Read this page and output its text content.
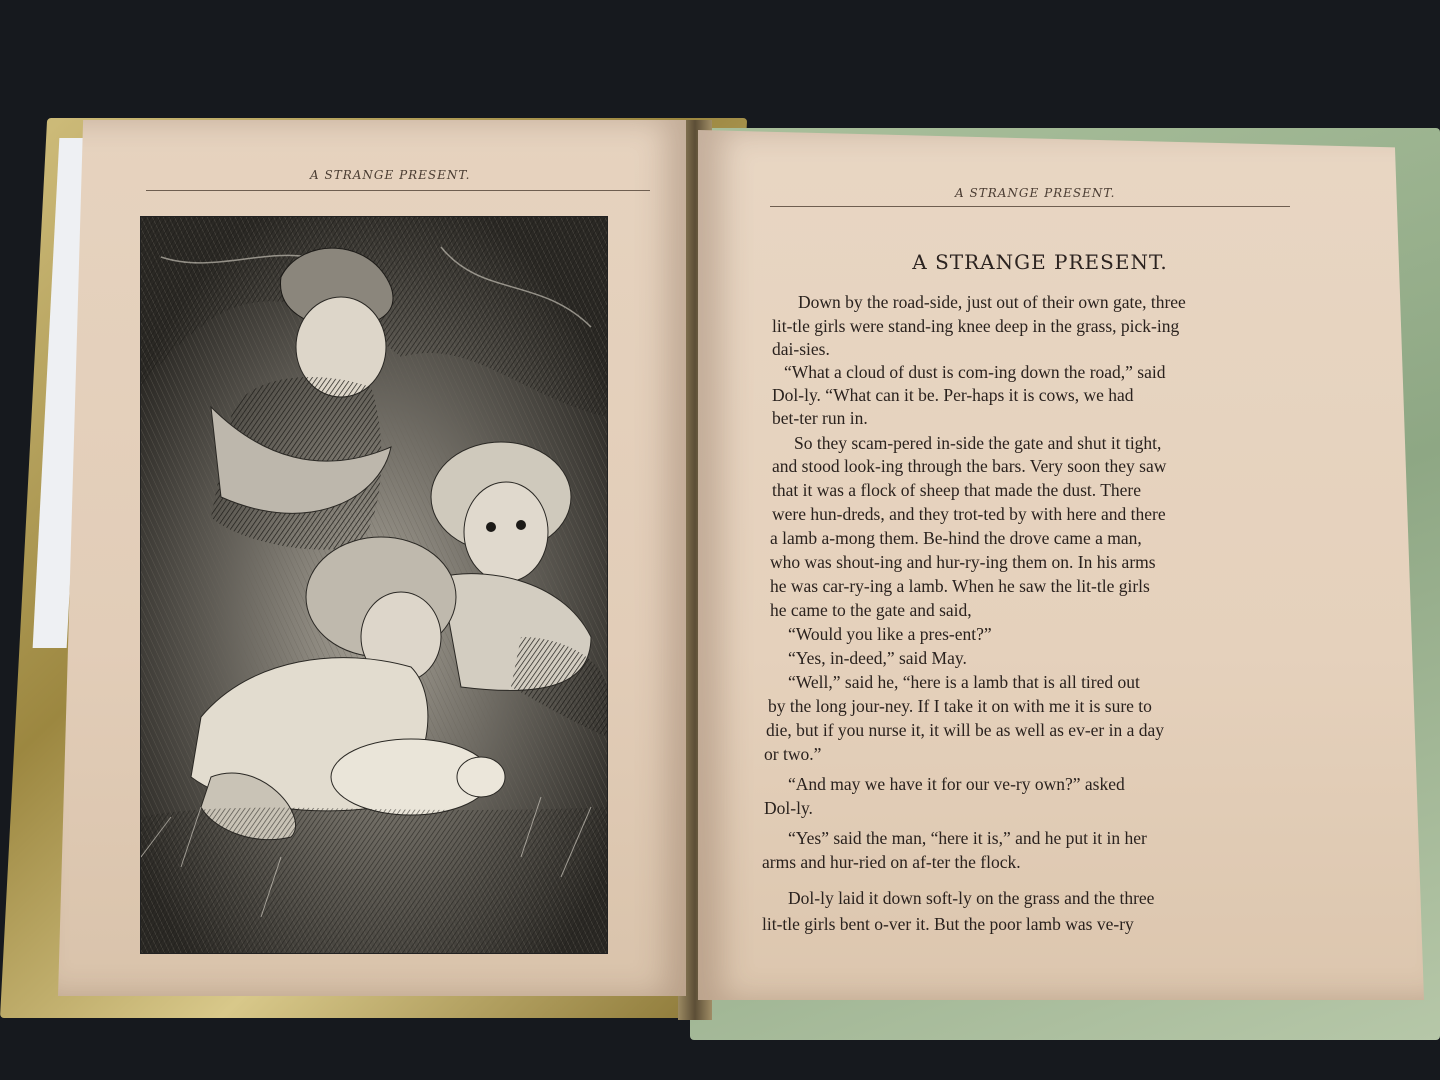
A STRANGE PRESENT.
A STRANGE PRESENT.
A STRANGE PRESENT.
Down by the road-side, just out of their own gate, three
lit-tle girls were stand-ing knee deep in the grass, pick-ing
dai-sies.
“What a cloud of dust is com-ing down the road,” said
Dol-ly. “What can it be. Per-haps it is cows, we had
bet-ter run in.
So they scam-pered in-side the gate and shut it tight,
and stood look-ing through the bars. Very soon they saw
that it was a flock of sheep that made the dust. There
were hun-dreds, and they trot-ted by with here and there
a lamb a-mong them. Be-hind the drove came a man,
who was shout-ing and hur-ry-ing them on. In his arms
he was car-ry-ing a lamb. When he saw the lit-tle girls
he came to the gate and said,
“Would you like a pres-ent?”
“Yes, in-deed,” said May.
“Well,” said he, “here is a lamb that is all tired out
by the long jour-ney. If I take it on with me it is sure to
die, but if you nurse it, it will be as well as ev-er in a day
or two.”
“And may we have it for our ve-ry own?” asked
Dol-ly.
“Yes” said the man, “here it is,” and he put it in her
arms and hur-ried on af-ter the flock.
Dol-ly laid it down soft-ly on the grass and the three
lit-tle girls bent o-ver it. But the poor lamb was ve-ry
